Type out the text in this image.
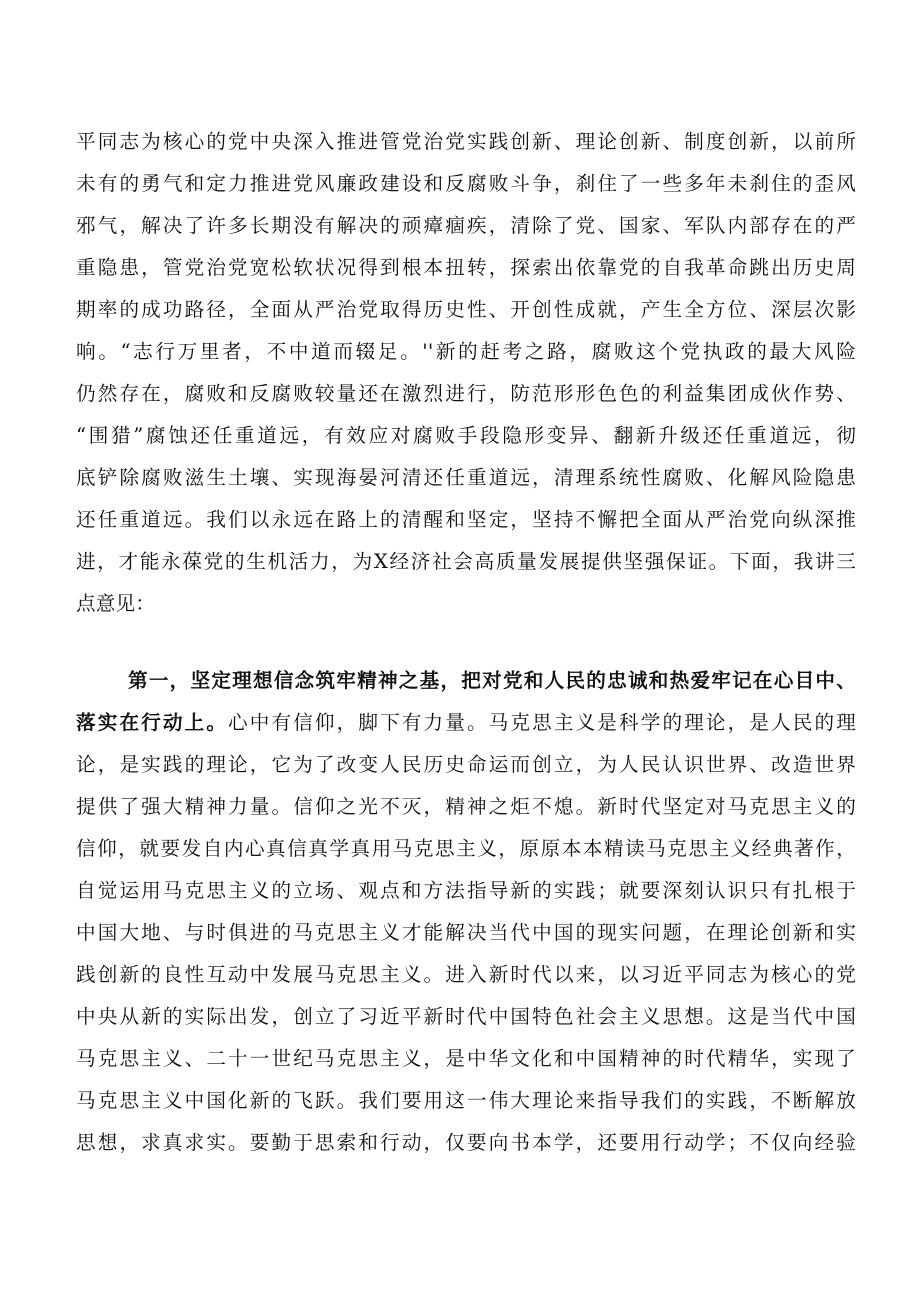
平同志为核心的党中央深入推进管党治党实践创新、理论创新、制度创新，以前所
未有的勇气和定力推进党风廉政建设和反腐败斗争，刹住了一些多年未刹住的歪风
邪气，解决了许多长期没有解决的顽瘴痼疾，清除了党、国家、军队内部存在的严
重隐患，管党治党宽松软状况得到根本扭转，探索出依靠党的自我革命跳出历史周
期率的成功路径，全面从严治党取得历史性、开创性成就，产生全方位、深层次影
响。“志行万里者，不中道而辍足。''新的赶考之路，腐败这个党执政的最大风险
仍然存在，腐败和反腐败较量还在激烈进行，防范形形色色的利益集团成伙作势、
“围猎”腐蚀还任重道远，有效应对腐败手段隐形变异、翻新升级还任重道远，彻
底铲除腐败滋生土壤、实现海晏河清还任重道远，清理系统性腐败、化解风险隐患
还任重道远。我们以永远在路上的清醒和坚定，坚持不懈把全面从严治党向纵深推
进，才能永葆党的生机活力，为X经济社会高质量发展提供坚强保证。下面，我讲三
点意见：
第一，坚定理想信念筑牢精神之基，把对党和人民的忠诚和热爱牢记在心目中、
落实在行动上。心中有信仰，脚下有力量。马克思主义是科学的理论，是人民的理
论，是实践的理论，它为了改变人民历史命运而创立，为人民认识世界、改造世界
提供了强大精神力量。信仰之光不灭，精神之炬不熄。新时代坚定对马克思主义的
信仰，就要发自内心真信真学真用马克思主义，原原本本精读马克思主义经典著作，
自觉运用马克思主义的立场、观点和方法指导新的实践；就要深刻认识只有扎根于
中国大地、与时俱进的马克思主义才能解决当代中国的现实问题，在理论创新和实
践创新的良性互动中发展马克思主义。进入新时代以来，以习近平同志为核心的党
中央从新的实际出发，创立了习近平新时代中国特色社会主义思想。这是当代中国
马克思主义、二十一世纪马克思主义，是中华文化和中国精神的时代精华，实现了
马克思主义中国化新的飞跃。我们要用这一伟大理论来指导我们的实践，不断解放
思想，求真求实。要勤于思索和行动，仅要向书本学，还要用行动学；不仅向经验
